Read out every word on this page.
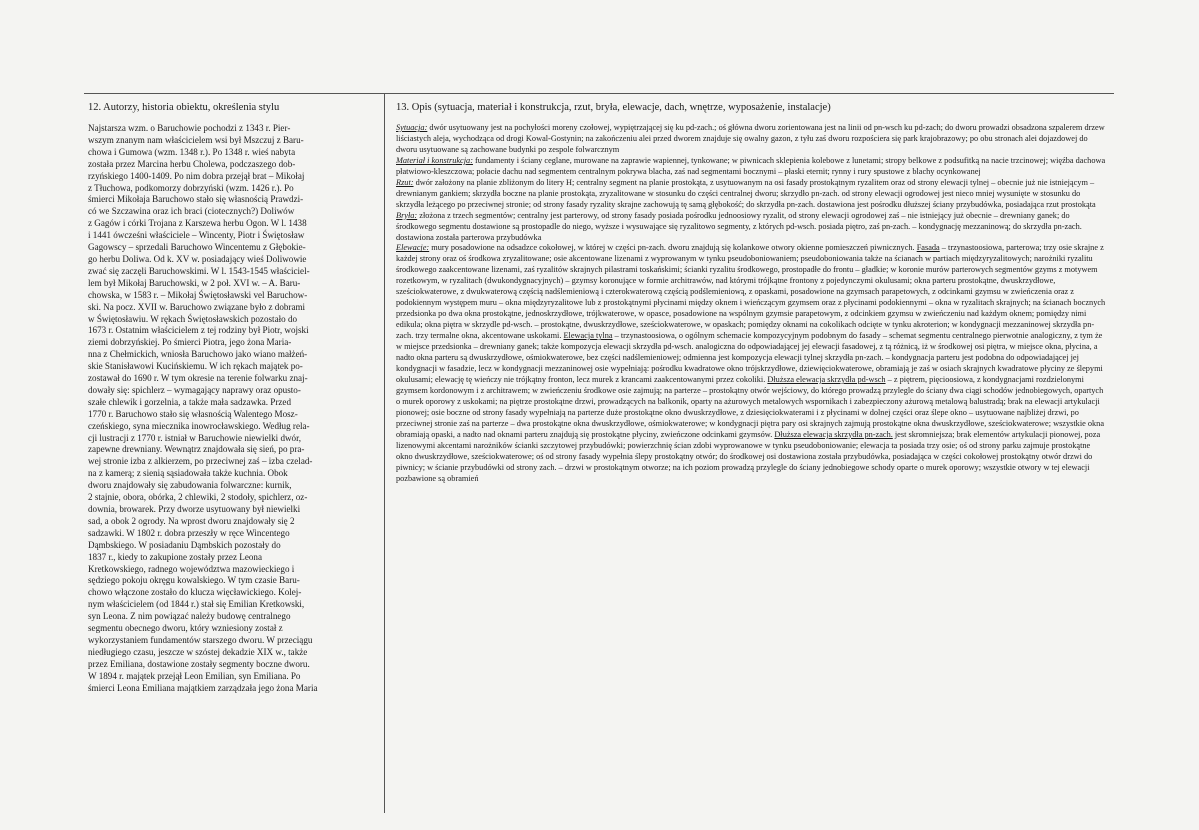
12. Autorzy, historia obiektu, określenia stylu

Najstarsza wzm. o Baruchowie pochodzi z 1343 r. Pier-
wszym znanym nam właścicielem wsi był Mszczuj z Baru-
chowa i Gumowa (wzm. 1348 r.). Po 1348 r. wieś nabyta
została przez Marcina herbu Cholewa, podczaszego dob-
rzyńskiego 1400-1409. Po nim dobra przejął brat – Mikołaj
z Tłuchowa, podkomorzy dobrzyński (wzm. 1426 r.). Po
śmierci Mikołaja Baruchowo stało się własnością Prawdzi-
có we Szczawina oraz ich braci (ciotecznych?) Doliwów
z Gagów i córki Trojana z Karszewa herbu Ogon. W l. 1438
i 1441 ówcześni właściciele – Wincenty, Piotr i Świętosław
Gagowscy – sprzedali Baruchowo Wincentemu z Głębokie-
go herbu Doliwa. Od k. XV w. posiadający wieś Doliwowie
zwać się zaczęli Baruchowskimi. W l. 1543-1545 właściciel-
lem był Mikołaj Baruchowski, w 2 poł. XVI w. – A. Baru-
chowska, w 1583 r. – Mikołaj Świętosławski vel Baruchow-
ski. Na pocz. XVII w. Baruchowo związane było z dobrami
w Świętosławiu. W rękach Świętosławskich pozostało do
1673 r. Ostatnim właścicielem z tej rodziny był Piotr, wojski
ziemi dobrzyńskiej. Po śmierci Piotra, jego żona Maria-
nna z Chełmickich, wniosła Baruchowo jako wiano małżeń-
skie Stanisławowi Kucińskiemu. W ich rękach majątek po-
zostawał do 1690 r. W tym okresie na terenie folwarku znaj-
dowały się: spichlerz – wymagający naprawy oraz opusto-
szałe chlewik i gorzelnia, a także mała sadzawka. Przed
1770 r. Baruchowo stało się własnością Walentego Mosz-
czeńskiego, syna miecznika inowrocławskiego. Według rela-
cji lustracji z 1770 r. istniał w Baruchowie niewielki dwór,
zapewne drewniany. Wewnątrz znajdowała się sień, po pra-
wej stronie izba z alkierzem, po przeciwnej zaś – izba czelad-
na z kamerą; z sienią sąsiadowała także kuchnia. Obok
dworu znajdowały się zabudowania folwarczne: kurnik,
2 stajnie, obora, obórka, 2 chlewiki, 2 stodoły, spichlerz, oz-
downia, browarek. Przy dworze usytuowany był niewielki
sad, a obok 2 ogrody. Na wprost dworu znajdowały się 2
sadzawki. W 1802 r. dobra przeszły w ręce Wincentego
Dąmbskiego. W posiadaniu Dąmbskich pozostały do
1837 r., kiedy to zakupione zostały przez Leona
Kretkowskiego, radnego województwa mazowieckiego i
sędziego pokoju okręgu kowalskiego. W tym czasie Baru-
chowo włączone zostało do klucza więcławickiego. Kolej-
nym właścicielem (od 1844 r.) stał się Emilian Kretkowski,
syn Leona. Z nim powiązać należy budowę centralnego
segmentu obecnego dworu, który wzniesiony został z
wykorzystaniem fundamentów starszego dworu. W przeciągu
niedługiego czasu, jeszcze w szóstej dekadzie XIX w., także
przez Emiliana, dostawione zostały segmenty boczne dworu.
W 1894 r. majątek przejął Leon Emilian, syn Emiliana. Po
śmierci Leona Emiliana majątkiem zarządzała jego żona Maria

13. Opis (sytuacja, materiał i konstrukcja, rzut, bryła, elewacje, dach, wnętrze, wyposażenie, instalacje)

Sytuacja: dwór usytuowany jest na pochyłości moreny czołowej, wypiętrzającej się ku pd-zach.; oś główna dworu zorientowana jest na linii od pn-wsch ku pd-zach; do dworu prowadzi obsadzona szpalerem drzew liściastych aleja, wychodząca od drogi Kowal-Gostynin; na zakończeniu alei przed dworem znajduje się owalny gazon, z tyłu zaś dworu rozpościera się park krajobrazowy; po obu stronach alei dojazdowej do dworu usytuowane są zachowane budynki po zespole folwarcznym

Materiał i konstrukcja: fundamenty i ściany ceglane, murowane na zaprawie wapiennej, tynkowane; w piwnicach sklepienia kolebowe z lunetami; stropy belkowe z podsufitką na nacie trzcinowej; więźba dachowa płatwiowo-kleszczowa; połacie dachu nad segmentem centralnym pokrywa blacha, zaś nad segmentami bocznymi – płaski eternit; rynny i rury spustowe z blachy ocynkowanej

Rzut: dwór założony na planie zbliżonym do litery H; centralny segment na planie prostokąta, z usytuowanym na osi fasady prostokątnym ryzalitem oraz od strony elewacji tylnej – obecnie już nie istniejącym – drewnianym gankiem; skrzydła boczne na planie prostokąta, zryzalitowane w stosunku do części centralnej dworu; skrzydło pn-zach. od strony elewacji ogrodowej jest nieco mniej wysunięte w stosunku do skrzydła leżącego po przeciwnej stronie; od strony fasady ryzality skrajne zachowują tę samą głębokość; do skrzydła pn-zach. dostawiona jest pośrodku dłuższej ściany przybudówka, posiadająca rzut prostokąta

Bryła: złożona z trzech segmentów; centralny jest parterowy, od strony fasady posiada pośrodku jednoosiowy ryzalit, od strony elewacji ogrodowej zaś – nie istniejący już obecnie – drewniany ganek; do środkowego segmentu dostawione są prostopadle do niego, wyższe i wysuwające się ryzalitowo segmenty, z których pd-wsch. posiada piętro, zaś pn-zach. – kondygnację mezzaninową; do skrzydła pn-zach. dostawiona została parterowa przybudówka

Elewacje: mury posadowione na odsadzce cokołowej, w której w części pn-zach. dworu znajdują się kolankowe otwory okienne pomieszczeń piwnicznych. Fasada – trzynastoosiowa, parterowa; trzy osie skrajne z każdej strony oraz oś środkowa zryzalitowane; osie akcentowane lizenami z wyprowanym w tynku pseudoboniowaniem; pseudoboniowania także na ścianach w partiach międzyryzalitowych; narożniki ryzalitu środkowego zaakcentowane lizenami, zaś ryzalitów skrajnych pilastrami toskańskimi; ścianki ryzalitu środkowego, prostopadłe do frontu – gładkie; w koronie murów parterowych segmentów gzyms z motywem rozetkowym, w ryzalitach (dwukondygnacyjnych) – gzymsy koronujące w formie architrawów, nad którymi trójkątne frontony z pojedynczymi okulusami; okna parteru prostokątne, dwuskrzydłowe, sześciokwaterowe, z dwukwaterową częścią nadślemieniową i czterokwaterową częścią podślemieniową, z opaskami, posadowione na gzymsach parapetowych, z odcinkami gzymsu w zwieńczenia oraz z podokiennym występem muru – okna międzyryzalitowe lub z prostokątnymi płycinami między oknem i wieńczącym gzymsem oraz z płycinami podokiennymi – okna w ryzalitach skrajnych; na ścianach bocznych przedsionka po dwa okna prostokątne, jednoskrzydłowe, trójkwaterowe, w opasce, posadowione na wspólnym gzymsie parapetowym, z odcinkiem gzymsu w zwieńczeniu nad każdym oknem; pomiędzy nimi edikula; okna piętra w skrzydle pd-wsch. – prostokątne, dwuskrzydłowe, sześciokwaterowe, w opaskach; pomiędzy oknami na cokolikach odcięte w tynku akroterion; w kondygnacji mezzaninowej skrzydła pn-zach. trzy termalne okna, akcentowane uskokami. Elewacja tylna – trzynastoosiowa, o ogólnym schemacie kompozycyjnym podobnym do fasady – schemat segmentu centralnego pierwotnie analogiczny, z tym że w miejsce przedsionka – drewniany ganek; także kompozycja elewacji skrzydła pd-wsch. analogiczna do odpowiadającej jej elewacji fasadowej, z tą różnicą, iż w środkowej osi piętra, w miejsce okna, płycina, a nadto okna parteru są dwuskrzydłowe, ośmiokwaterowe, bez części nadślemieniowej; odmienna jest kompozycja elewacji tylnej skrzydła pn-zach. – kondygnacja parteru jest podobna do odpowiadającej jej kondygnacji w fasadzie, lecz w kondygnacji mezzaninowej osie wypełniają: pośrodku kwadratowe okno trójskrzydłowe, dziewięciokwaterowe, obramiają je zaś w osiach skrajnych kwadratowe płyciny ze ślepymi okulusami; elewację tę wieńczy nie trójkątny fronton, lecz murek z krancami zaakcentowanymi przez cokoliki. Dłuższa elewacja skrzydła pd-wsch – z piętrem, pięcioosiowa, z kondygnacjami rozdzielonymi gzymsem kordonowym i z architrawem; w zwieńczeniu środkowe osie zajmują; na parterze – prostokątny otwór wejściowy, do którego prowadzą przylegle do ściany dwa ciągi schodów jednobiegowych, opartych o murek oporowy z uskokami; na piętrze prostokątne drzwi, prowadzących na balkonik, oparty na ażurowych metalowych wspornikach i zabezpieczony ażurową metalową balustradą; brak na elewacji artykulacji pionowej; osie boczne od strony fasady wypełniają na parterze duże prostokątne okno dwuskrzydłowe, z dziesięciokwaterami i z płycinami w dolnej części oraz ślepe okno – usytuowane najbliżej drzwi, po przeciwnej stronie zaś na parterze – dwa prostokątne okna dwuskrzydłowe, ośmiokwaterowe; w kondygnacji piętra pary osi skrajnych zajmują prostokątne okna dwuskrzydłowe, sześciokwaterowe; wszystkie okna obramiają opaski, a nadto nad oknami parteru znajdują się prostokątne płyciny, zwieńczone odcinkami gzymsów. Dłuższa elewacja skrzydła pn-zach. jest skromniejsza; brak elementów artykulacji pionowej, poza lizenowymi akcentami narożników ścianki szczytowej przybudówki; powierzchnię ścian zdobi wyprowanowe w tynku pseudoboniowanie; elewacja ta posiada trzy osie; oś od strony parku zajmuje prostokątne okno dwuskrzydłowe, sześciokwaterowe; oś od strony fasady wypełnia ślepy prostokątny otwór; do środkowej osi dostawiona została przybudówka, posiadająca w części cokołowej prostokątny otwór drzwi do piwnicy; w ścianie przybudówki od strony zach. – drzwi w prostokątnym otworze; na ich poziom prowadzą przylegle do ściany jednobiegowe schody oparte o murek oporowy; wszystkie otwory w tej elewacji pozbawione są obramień
